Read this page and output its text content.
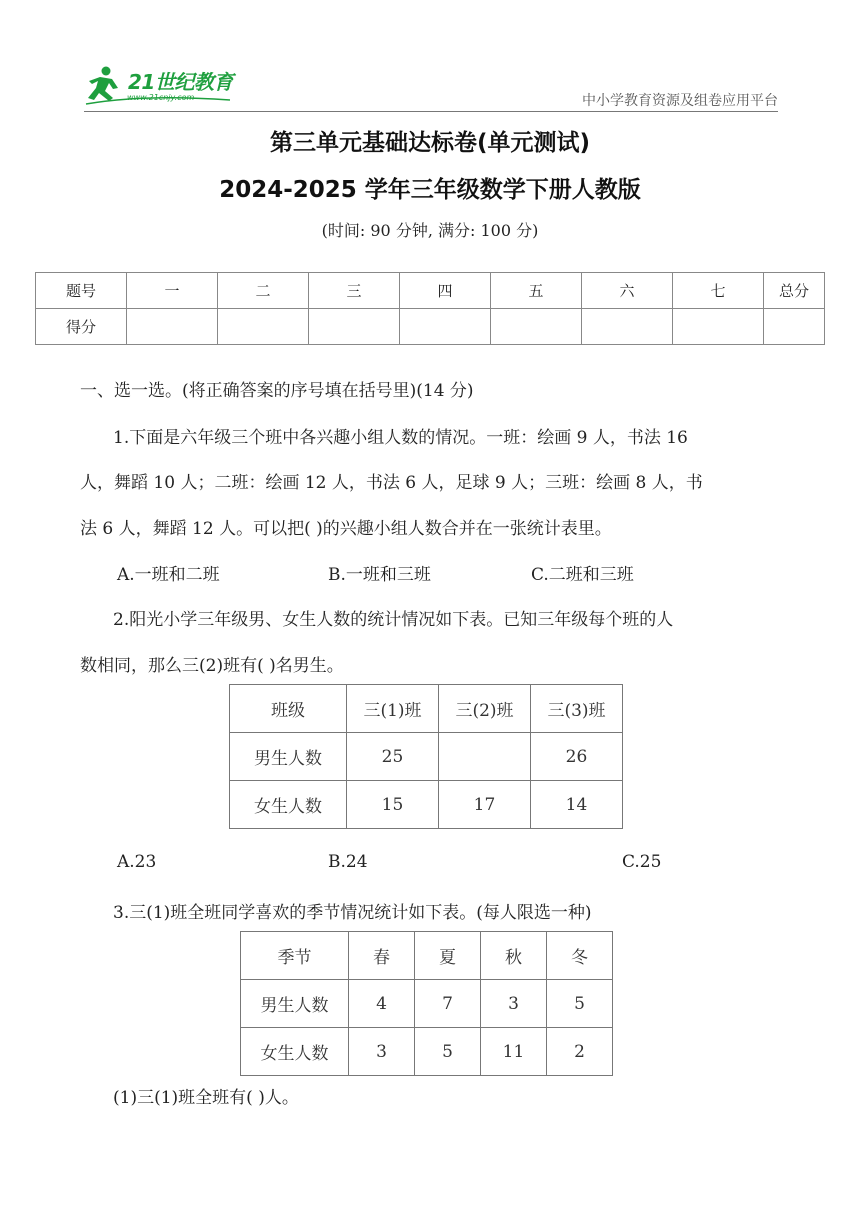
21世纪教育
www.21cnjy.com	中小学教育资源及组卷应用平台
第三单元基础达标卷(单元测试)
2024-2025 学年三年级数学下册人教版
(时间: 90 分钟, 满分: 100 分)
题号	一	二	三	四	五	六	七	总分
得分								
一、选一选。(将正确答案的序号填在括号里)(14 分)
1.下面是六年级三个班中各兴趣小组人数的情况。一班：绘画 9 人，书法 16
人，舞蹈 10 人；二班：绘画 12 人，书法 6 人，足球 9 人；三班：绘画 8 人，书
法 6 人，舞蹈 12 人。可以把( )的兴趣小组人数合并在一张统计表里。
A.一班和二班	B.一班和三班	C.二班和三班
2.阳光小学三年级男、女生人数的统计情况如下表。已知三年级每个班的人
数相同，那么三(2)班有( )名男生。
班级	三(1)班	三(2)班	三(3)班
男生人数	25		26
女生人数	15	17	14
A.23	B.24	C.25
3.三(1)班全班同学喜欢的季节情况统计如下表。(每人限选一种)
季节	春	夏	秋	冬
男生人数	4	7	3	5
女生人数	3	5	11	2
(1)三(1)班全班有( )人。
